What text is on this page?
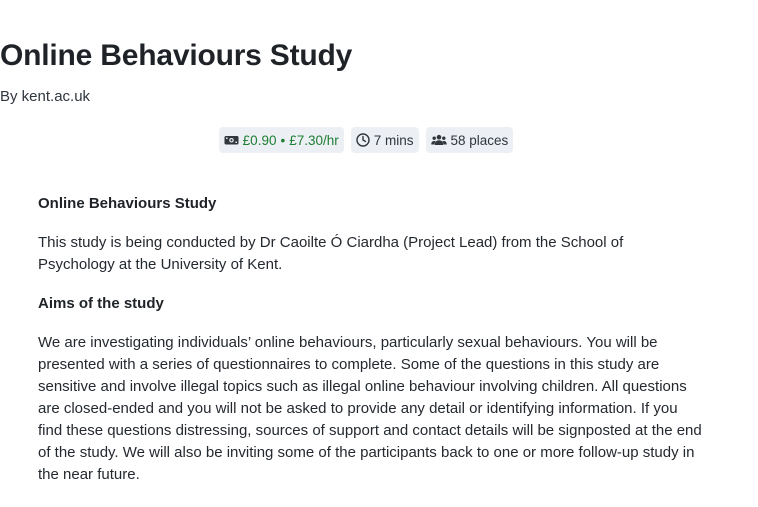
Online Behaviours Study
By kent.ac.uk
£0.90 • £7.30/hr	7 mins	58 places

Online Behaviours Study

This study is being conducted by Dr Caoilte Ó Ciardha (Project Lead) from the School of Psychology at the University of Kent.

Aims of the study

We are investigating individuals’ online behaviours, particularly sexual behaviours. You will be presented with a series of questionnaires to complete. Some of the questions in this study are sensitive and involve illegal topics such as illegal online behaviour involving children. All questions are closed-ended and you will not be asked to provide any detail or identifying information. If you find these questions distressing, sources of support and contact details will be signposted at the end of the study. We will also be inviting some of the participants back to one or more follow-up study in the near future.
